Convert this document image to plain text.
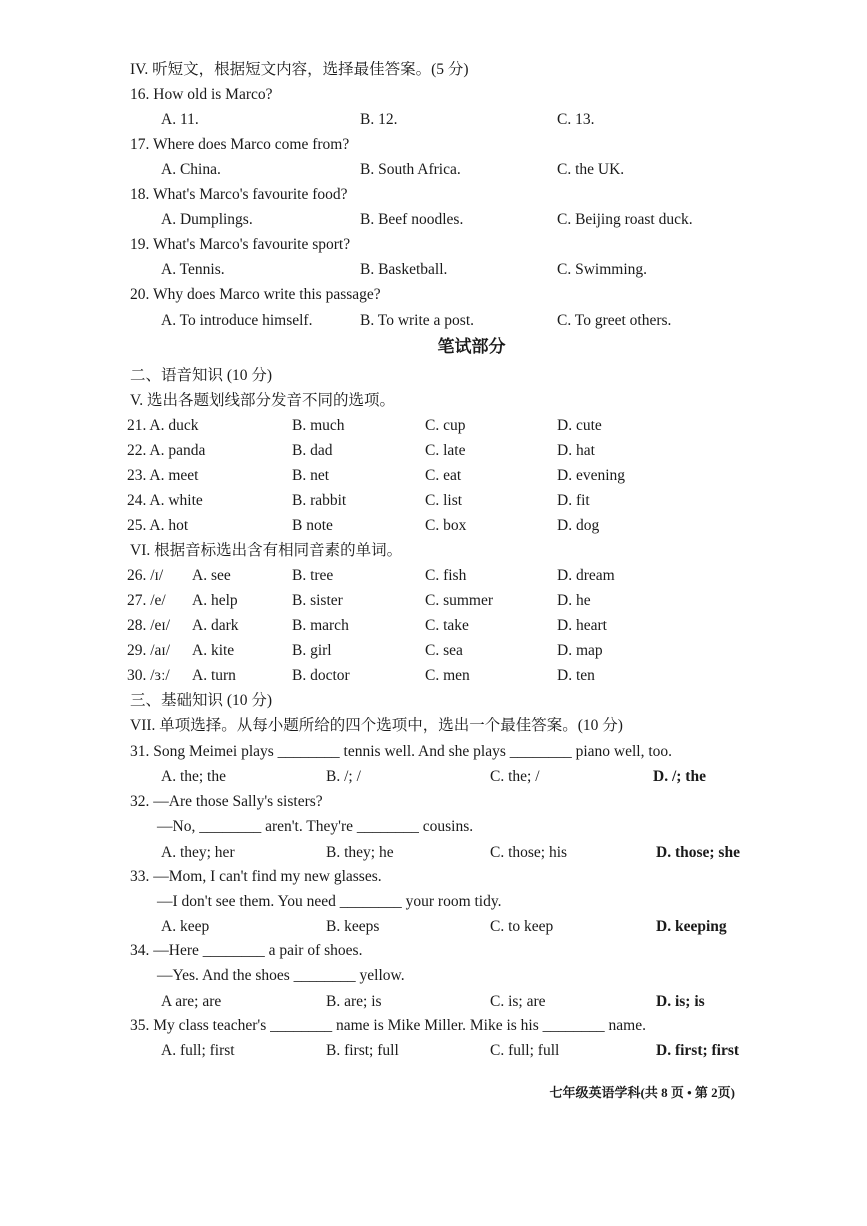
IV. 听短文，根据短文内容，选择最佳答案。(5 分)
16. How old is Marco?
A. 11.	B. 12.	C. 13.
17. Where does Marco come from?
A. China.	B. South Africa.	C. the UK.
18. What's Marco's favourite food?
A. Dumplings.	B. Beef noodles.	C. Beijing roast duck.
19. What's Marco's favourite sport?
A. Tennis.	B. Basketball.	C. Swimming.
20. Why does Marco write this passage?
A. To introduce himself.	B. To write a post.	C. To greet others.
笔试部分
二、语音知识 (10 分)
V. 选出各题划线部分发音不同的选项。
21. A. duck	B. much	C. cup	D. cute
22. A. panda	B. dad	C. late	D. hat
23. A. meet	B. net	C. eat	D. evening
24. A. white	B. rabbit	C. list	D. fit
25. A. hot	B note	C. box	D. dog
VI. 根据音标选出含有相同音素的单词。
26. /ɪ/ A. see	B. tree	C. fish	D. dream
27. /e/ A. help	B. sister	C. summer	D. he
28. /eɪ/ A. dark	B. march	C. take	D. heart
29. /aɪ/ A. kite	B. girl	C. sea	D. map
30. /ɜː/ A. turn	B. doctor	C. men	D. ten
三、基础知识 (10 分)
VII. 单项选择。从每小题所给的四个选项中，选出一个最佳答案。(10 分)
31. Song Meimei plays ________ tennis well. And she plays ________ piano well, too.
A. the; the	B. /; /	C. the; /	D. /; the
32. —Are those Sally's sisters?
—No, ________ aren't. They're ________ cousins.
A. they; her	B. they; he	C. those; his	D. those; she
33. —Mom, I can't find my new glasses.
—I don't see them. You need ________ your room tidy.
A. keep	B. keeps	C. to keep	D. keeping
34. —Here ________ a pair of shoes.
—Yes. And the shoes ________ yellow.
A are; are	B. are; is	C. is; are	D. is; is
35. My class teacher's ________ name is Mike Miller. Mike is his ________ name.
A. full; first	B. first; full	C. full; full	D. first; first
七年级英语学科(共 8 页 • 第 2页)
